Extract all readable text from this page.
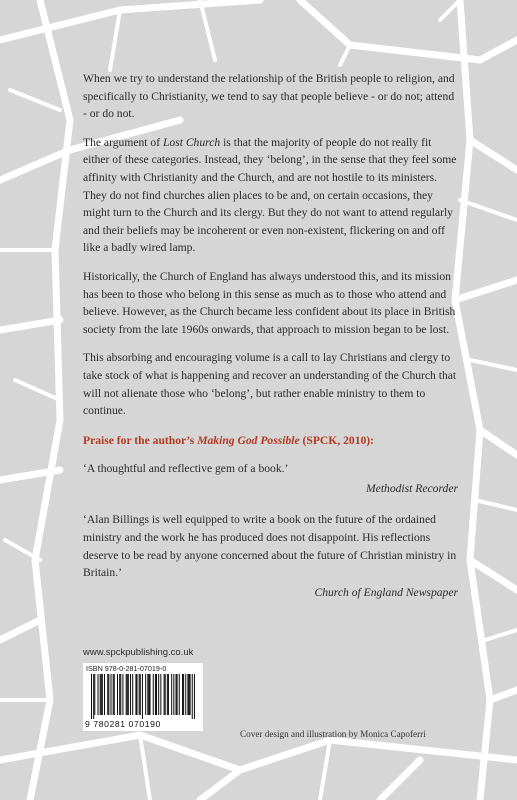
When we try to understand the relationship of the British people to religion, and specifically to Christianity, we tend to say that people believe - or do not; attend - or do not.

The argument of Lost Church is that the majority of people do not really fit either of these categories. Instead, they ‘belong’, in the sense that they feel some affinity with Christianity and the Church, and are not hostile to its ministers. They do not find churches alien places to be and, on certain occasions, they might turn to the Church and its clergy. But they do not want to attend regularly and their beliefs may be incoherent or even non-existent, flickering on and off like a badly wired lamp.

Historically, the Church of England has always understood this, and its mission has been to those who belong in this sense as much as to those who attend and believe. However, as the Church became less confident about its place in British society from the late 1960s onwards, that approach to mission began to be lost.

This absorbing and encouraging volume is a call to lay Christians and clergy to take stock of what is happening and recover an understanding of the Church that will not alienate those who ‘belong’, but rather enable ministry to them to continue.

Praise for the author’s Making God Possible (SPCK, 2010):

‘A thoughtful and reflective gem of a book.’

Methodist Recorder

‘Alan Billings is well equipped to write a book on the future of the ordained ministry and the work he has produced does not disappoint. His reflections deserve to be read by anyone concerned about the future of Christian ministry in Britain.’

Church of England Newspaper

www.spckpublishing.co.uk
ISBN 978-0-281-07019-0
9 780281 070190
Cover design and illustration by Monica Capoferri
